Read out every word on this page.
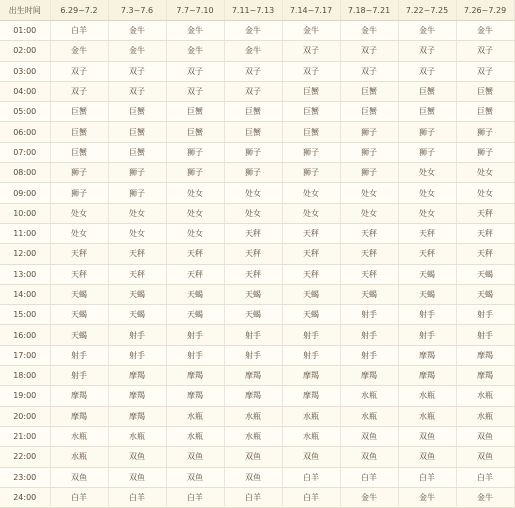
出生时间	6.29~7.2	7.3~7.6	7.7~7.10	7.11~7.13	7.14~7.17	7.18~7.21	7.22~7.25	7.26~7.29
01:00	白羊	金牛	金牛	金牛	金牛	金牛	金牛	金牛
02:00	金牛	金牛	金牛	金牛	双子	双子	双子	双子
03:00	双子	双子	双子	双子	双子	双子	双子	双子
04:00	双子	双子	双子	双子	巨蟹	巨蟹	巨蟹	巨蟹
05:00	巨蟹	巨蟹	巨蟹	巨蟹	巨蟹	巨蟹	巨蟹	巨蟹
06:00	巨蟹	巨蟹	巨蟹	巨蟹	巨蟹	狮子	狮子	狮子
07:00	巨蟹	巨蟹	狮子	狮子	狮子	狮子	狮子	狮子
08:00	狮子	狮子	狮子	狮子	狮子	狮子	处女	处女
09:00	狮子	狮子	处女	处女	处女	处女	处女	处女
10:00	处女	处女	处女	处女	处女	处女	处女	天秤
11:00	处女	处女	处女	天秤	天秤	天秤	天秤	天秤
12:00	天秤	天秤	天秤	天秤	天秤	天秤	天秤	天秤
13:00	天秤	天秤	天秤	天秤	天秤	天秤	天蝎	天蝎
14:00	天蝎	天蝎	天蝎	天蝎	天蝎	天蝎	天蝎	天蝎
15:00	天蝎	天蝎	天蝎	天蝎	天蝎	射手	射手	射手
16:00	天蝎	射手	射手	射手	射手	射手	射手	射手
17:00	射手	射手	射手	射手	射手	射手	摩羯	摩羯
18:00	射手	摩羯	摩羯	摩羯	摩羯	摩羯	摩羯	摩羯
19:00	摩羯	摩羯	摩羯	摩羯	摩羯	水瓶	水瓶	水瓶
20:00	摩羯	摩羯	水瓶	水瓶	水瓶	水瓶	水瓶	水瓶
21:00	水瓶	水瓶	水瓶	水瓶	水瓶	双鱼	双鱼	双鱼
22:00	水瓶	双鱼	双鱼	双鱼	双鱼	双鱼	双鱼	双鱼
23:00	双鱼	双鱼	双鱼	双鱼	白羊	白羊	白羊	白羊
24:00	白羊	白羊	白羊	白羊	白羊	金牛	金牛	金牛
